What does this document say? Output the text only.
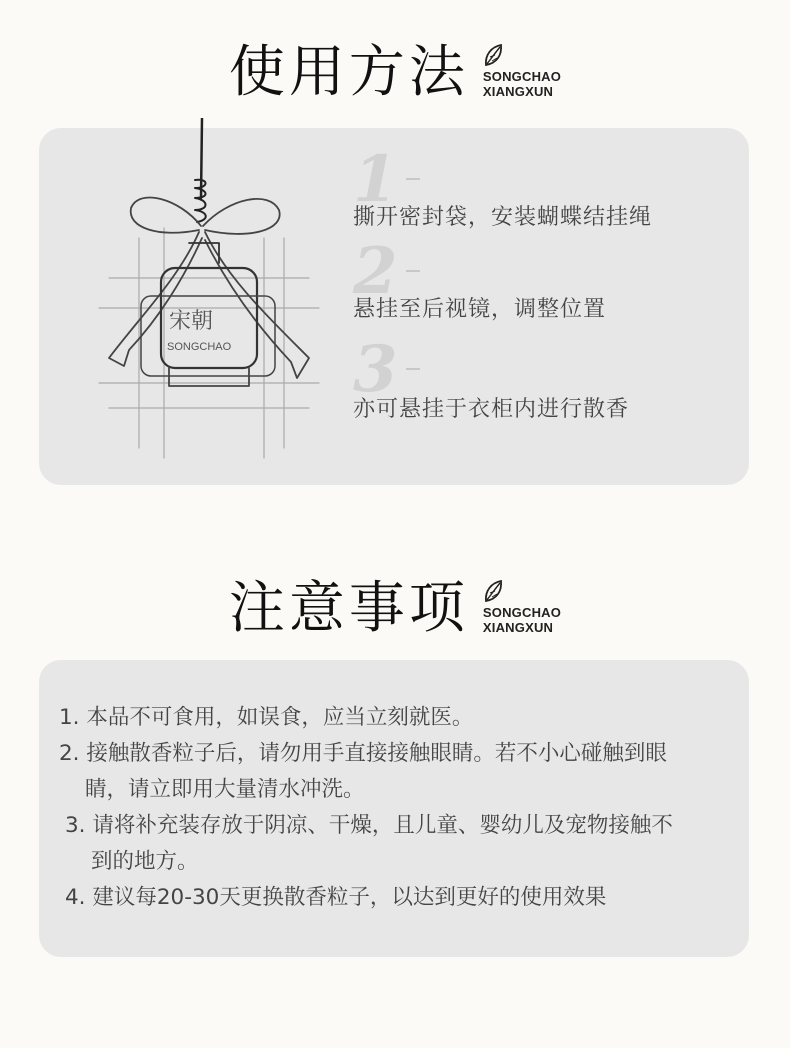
使用方法 SONGCHAO
XIANGXUN
宋朝
SONGCHAO
1
撕开密封袋，安装蝴蝶结挂绳
2
悬挂至后视镜，调整位置
3
亦可悬挂于衣柜内进行散香
注意事项 SONGCHAO
XIANGXUN
1. 本品不可食用，如误食，应当立刻就医。
2. 接触散香粒子后，请勿用手直接接触眼睛。若不小心碰触到眼
睛，请立即用大量清水冲洗。
3. 请将补充装存放于阴凉、干燥，且儿童、婴幼儿及宠物接触不
到的地方。
4. 建议每20-30天更换散香粒子，以达到更好的使用效果
